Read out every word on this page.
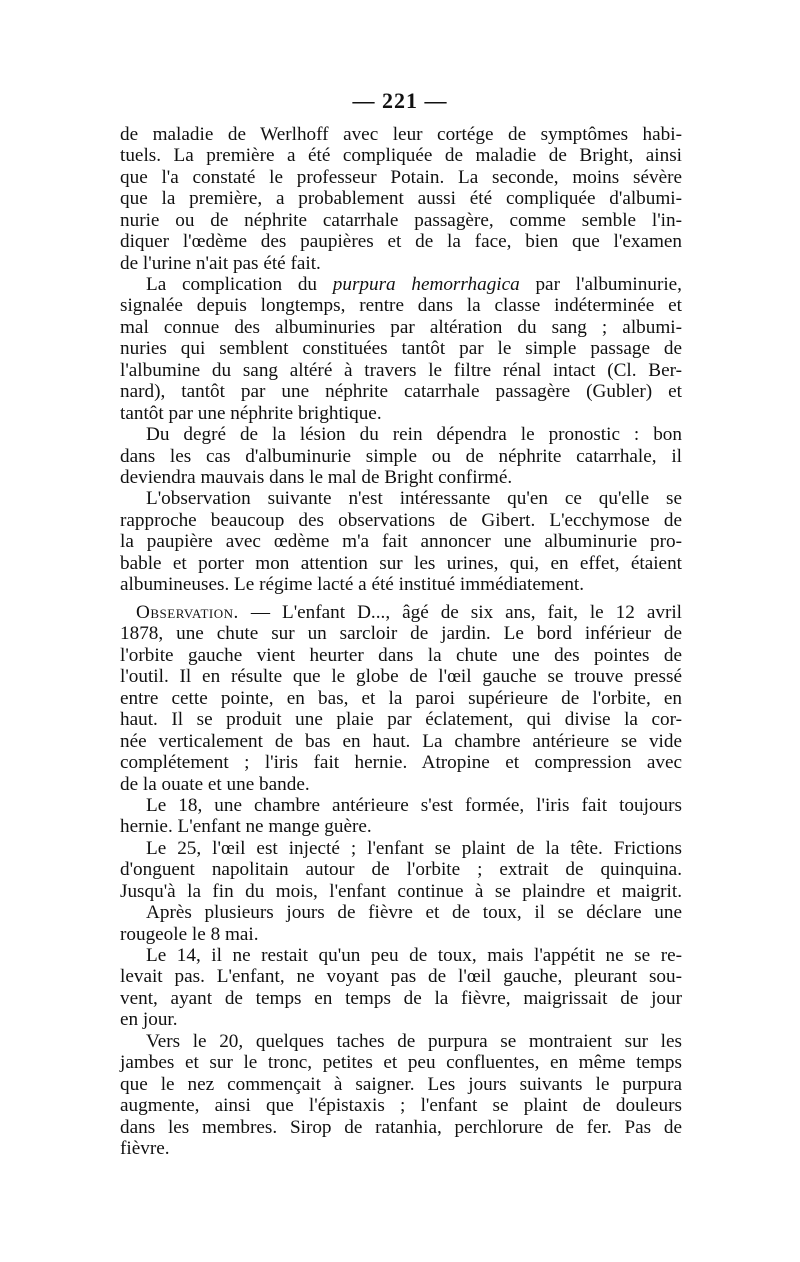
— 221 —
de maladie de Werlhoff avec leur cortége de symptômes habi-
tuels. La première a été compliquée de maladie de Bright, ainsi
que l'a constaté le professeur Potain. La seconde, moins sévère
que la première, a probablement aussi été compliquée d'albumi-
nurie ou de néphrite catarrhale passagère, comme semble l'in-
diquer l'œdème des paupières et de la face, bien que l'examen
de l'urine n'ait pas été fait.
La complication du purpura hemorrhagica par l'albuminurie,
signalée depuis longtemps, rentre dans la classe indéterminée et
mal connue des albuminuries par altération du sang ; albumi-
nuries qui semblent constituées tantôt par le simple passage de
l'albumine du sang altéré à travers le filtre rénal intact (Cl. Ber-
nard), tantôt par une néphrite catarrhale passagère (Gubler) et
tantôt par une néphrite brightique.
Du degré de la lésion du rein dépendra le pronostic : bon
dans les cas d'albuminurie simple ou de néphrite catarrhale, il
deviendra mauvais dans le mal de Bright confirmé.
L'observation suivante n'est intéressante qu'en ce qu'elle se
rapproche beaucoup des observations de Gibert. L'ecchymose de
la paupière avec œdème m'a fait annoncer une albuminurie pro-
bable et porter mon attention sur les urines, qui, en effet, étaient
albumineuses. Le régime lacté a été institué immédiatement.
Observation. — L'enfant D..., âgé de six ans, fait, le 12 avril
1878, une chute sur un sarcloir de jardin. Le bord inférieur de
l'orbite gauche vient heurter dans la chute une des pointes de
l'outil. Il en résulte que le globe de l'œil gauche se trouve pressé
entre cette pointe, en bas, et la paroi supérieure de l'orbite, en
haut. Il se produit une plaie par éclatement, qui divise la cor-
née verticalement de bas en haut. La chambre antérieure se vide
complétement ; l'iris fait hernie. Atropine et compression avec
de la ouate et une bande.
Le 18, une chambre antérieure s'est formée, l'iris fait toujours
hernie. L'enfant ne mange guère.
Le 25, l'œil est injecté ; l'enfant se plaint de la tête. Frictions
d'onguent napolitain autour de l'orbite ; extrait de quinquina.
Jusqu'à la fin du mois, l'enfant continue à se plaindre et maigrit.
Après plusieurs jours de fièvre et de toux, il se déclare une
rougeole le 8 mai.
Le 14, il ne restait qu'un peu de toux, mais l'appétit ne se re-
levait pas. L'enfant, ne voyant pas de l'œil gauche, pleurant sou-
vent, ayant de temps en temps de la fièvre, maigrissait de jour
en jour.
Vers le 20, quelques taches de purpura se montraient sur les
jambes et sur le tronc, petites et peu confluentes, en même temps
que le nez commençait à saigner. Les jours suivants le purpura
augmente, ainsi que l'épistaxis ; l'enfant se plaint de douleurs
dans les membres. Sirop de ratanhia, perchlorure de fer. Pas de
fièvre.
